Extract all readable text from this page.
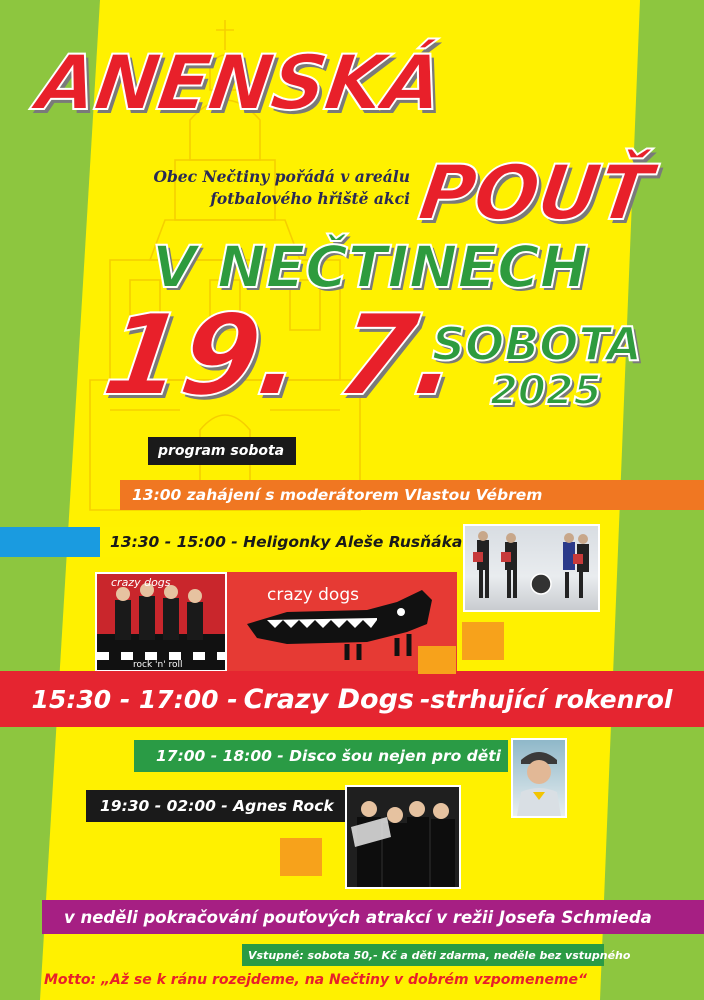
ANENSKÁ
POUŤ
Obec Nečtiny pořádá v areálu
fotbalového hřiště akci
V NEČTINECH
19. 7.
SOBOTA
2025
program sobota
13:00 zahájení s moderátorem Vlastou Vébrem
13:30 - 15:00 - Heligonky Aleše Rusňáka
crazy dogs
rock 'n' roll
crazy dogs
15:30 - 17:00 - Crazy Dogs -strhující rokenrol
17:00 - 18:00 - Disco šou nejen pro děti
19:30 - 02:00 - Agnes Rock
v neděli pokračování pouťových atrakcí v režii Josefa Schmieda
Vstupné: sobota 50,- Kč a děti zdarma, neděle bez vstupného
Motto: „Až se k ránu rozejdeme, na Nečtiny v dobrém vzpomeneme“
